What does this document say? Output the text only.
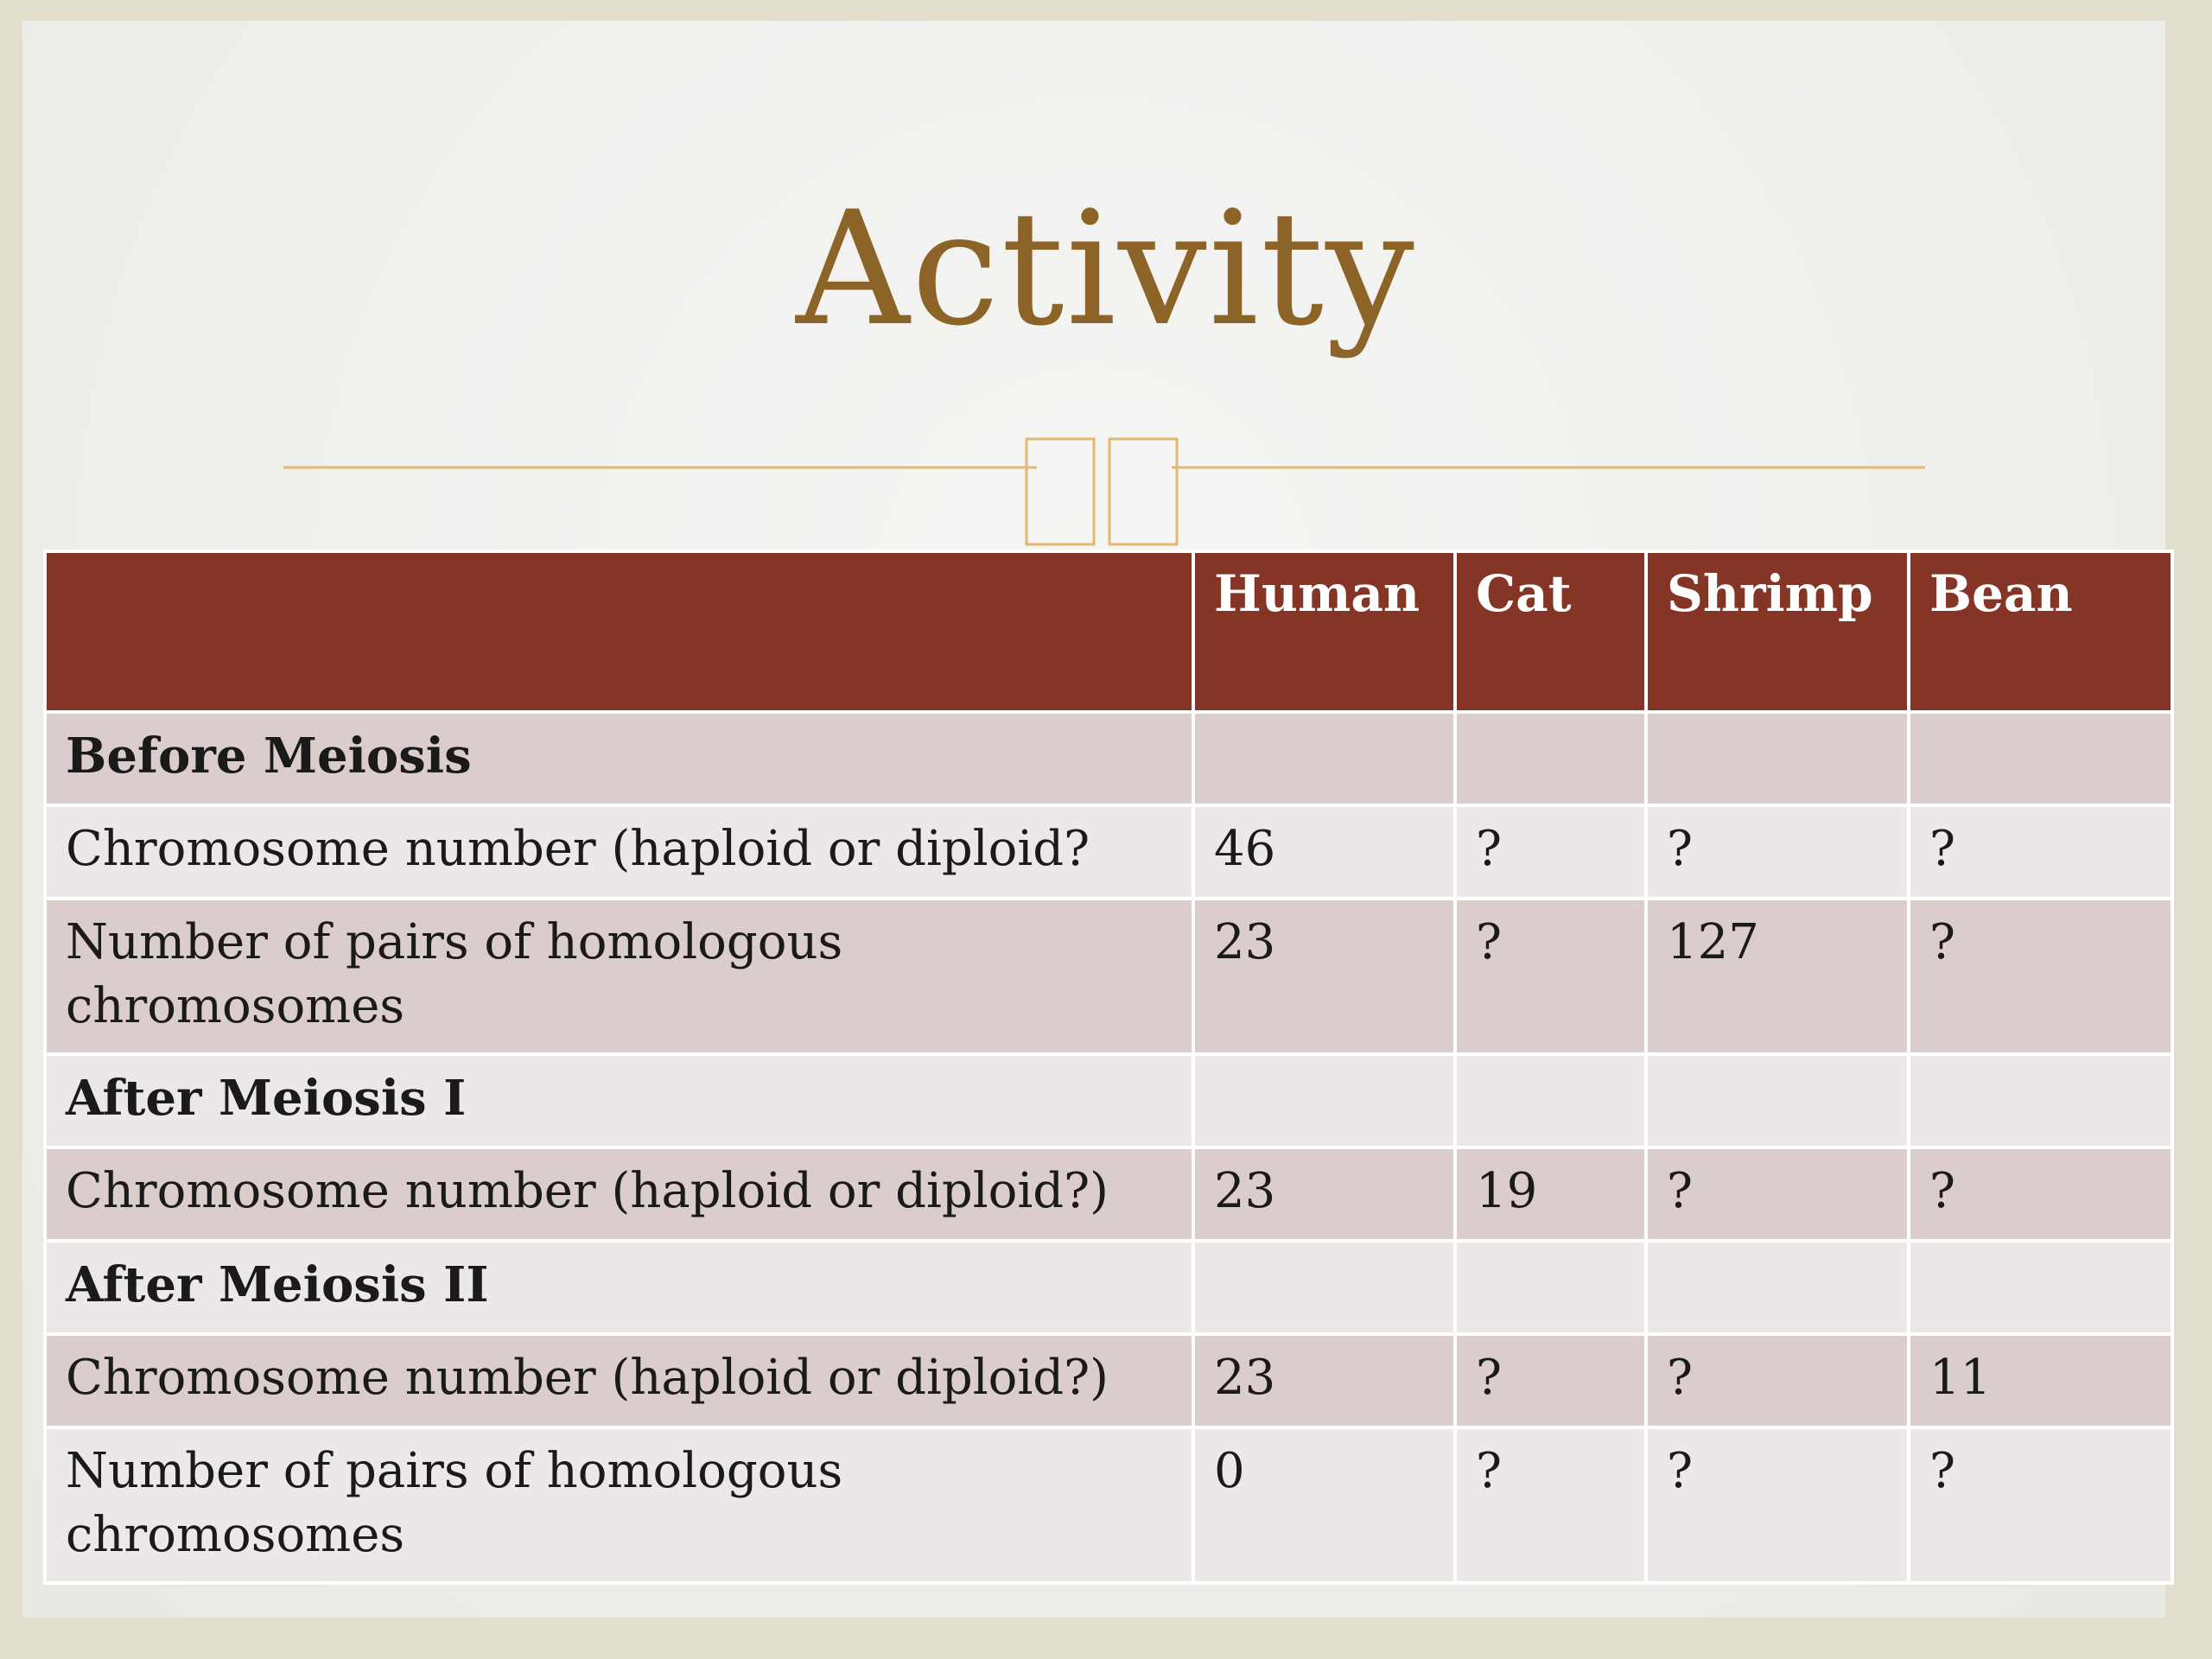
Activity
	Human	Cat	Shrimp	Bean
Before Meiosis				
Chromosome number (haploid or diploid?	46	?	?	?
Number of pairs of homologous chromosomes	23	?	127	?
After Meiosis I				
Chromosome number (haploid or diploid?)	23	19	?	?
After Meiosis II				
Chromosome number (haploid or diploid?)	23	?	?	11
Number of pairs of homologous chromosomes	0	?	?	?
